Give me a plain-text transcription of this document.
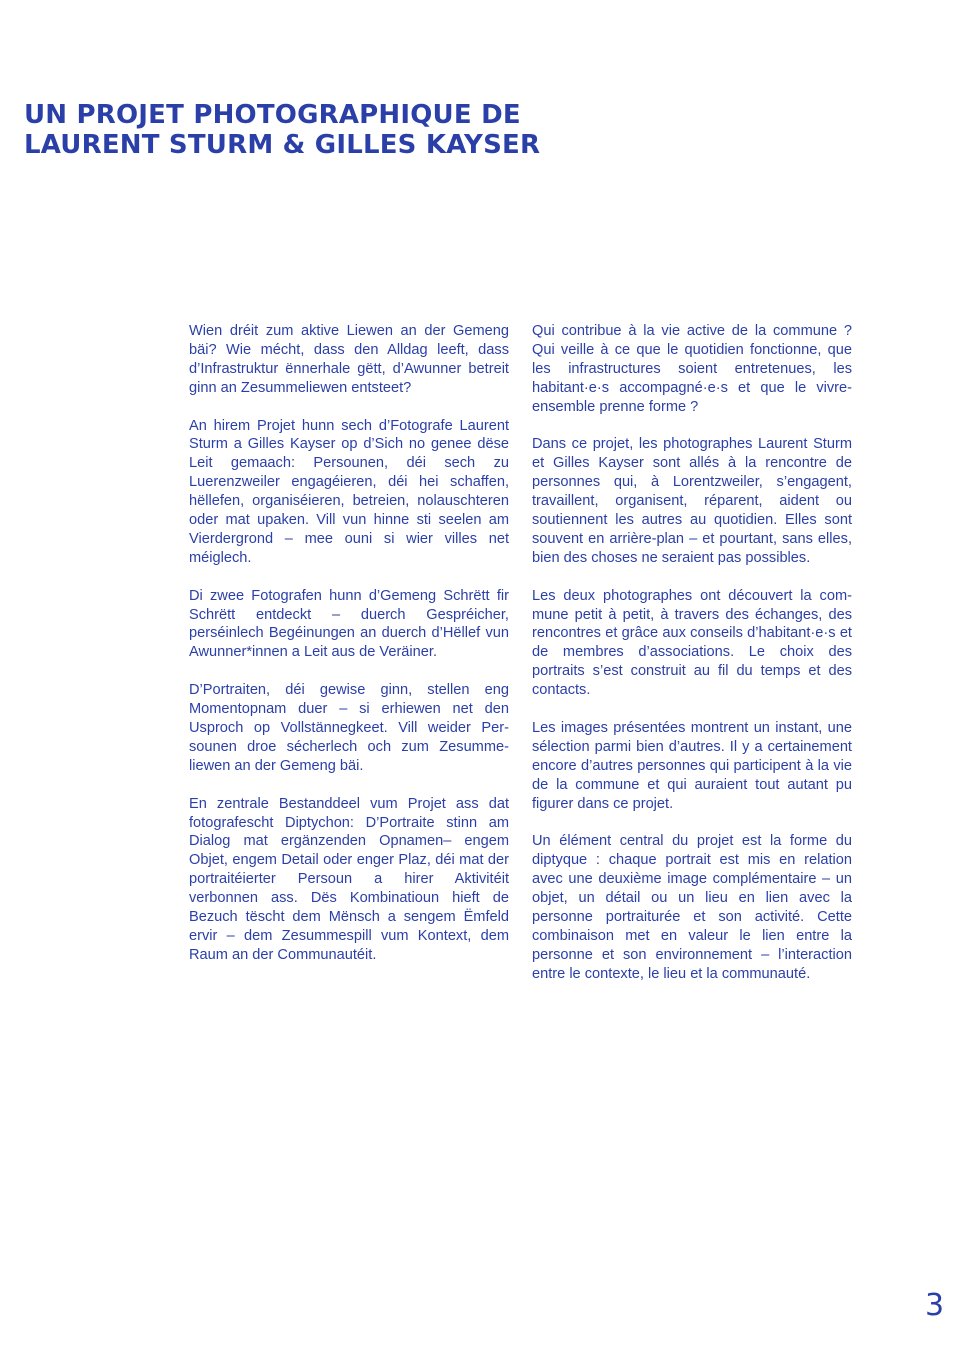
UN PROJET PHOTOGRAPHIQUE DE
LAURENT STURM & GILLES KAYSER

Wien dréit zum aktive Liewen an der Gemeng bäi? Wie mécht, dass den Alldag leeft, dass d’Infrastruktur ënnerhale gëtt, d’Awunner betreit ginn an Zesummeliewen entsteet?

An hirem Projet hunn sech d’Fotografe Laurent Sturm a Gilles Kayser op d’Sich no genee dëse Leit gemaach: Persounen, déi sech zu Luerenzweiler engagéieren, déi hei schaffen, hëllefen, organiséieren, betreien, nolauschteren oder mat upaken. Vill vun hinne sti seelen am Vierdergrond – mee ouni si wier villes net méiglech.

Di zwee Fotografen hunn d’Gemeng Schrëtt fir Schrëtt entdeckt – duerch Gespréicher, perséinlech Begéinungen an duerch d’Hëllef vun Awunner*innen a Leit aus de Veräiner.

D’Portraiten, déi gewise ginn, stellen eng Momentopnam duer – si erhiewen net den Usproch op Vollstännegkeet. Vill weider Persounen droe sécherlech och zum Zesummeliewen an der Gemeng bäi.

En zentrale Bestanddeel vum Projet ass dat fotografescht Diptychon: D’Portraite stinn am Dialog mat ergänzenden Opnamen– engem Objet, engem Detail oder enger Plaz, déi mat der portraitéierter Persoun a hirer Aktivitéit verbonnen ass. Dës Kombinatioun hieft de Bezuch tëscht dem Mënsch a sengem Ëmfeld ervir – dem Zesummespill vum Kontext, dem Raum an der Communautéit.

Qui contribue à la vie active de la commune ? Qui veille à ce que le quotidien fonctionne, que les infrastructures soient entretenues, les habitant·e·s accompagné·e·s et que le vivre-ensemble prenne forme ?

Dans ce projet, les photographes Laurent Sturm et Gilles Kayser sont allés à la rencontre de personnes qui, à Lorentzweiler, s’engagent, travaillent, organisent, réparent, aident ou soutiennent les autres au quotidien. Elles sont souvent en arrière-plan – et pourtant, sans elles, bien des choses ne seraient pas possibles.

Les deux photographes ont découvert la commune petit à petit, à travers des échanges, des rencontres et grâce aux conseils d’habitant·e·s et de membres d’associations. Le choix des portraits s’est construit au fil du temps et des contacts.

Les images présentées montrent un instant, une sélection parmi bien d’autres. Il y a certainement encore d’autres personnes qui participent à la vie de la commune et qui auraient tout autant pu figurer dans ce projet.

Un élément central du projet est la forme du diptyque : chaque portrait est mis en relation avec une deuxième image complémentaire – un objet, un détail ou un lieu en lien avec la personne portraiturée et son activité. Cette combinaison met en valeur le lien entre la personne et son environnement – l’interaction entre le contexte, le lieu et la communauté.

3
